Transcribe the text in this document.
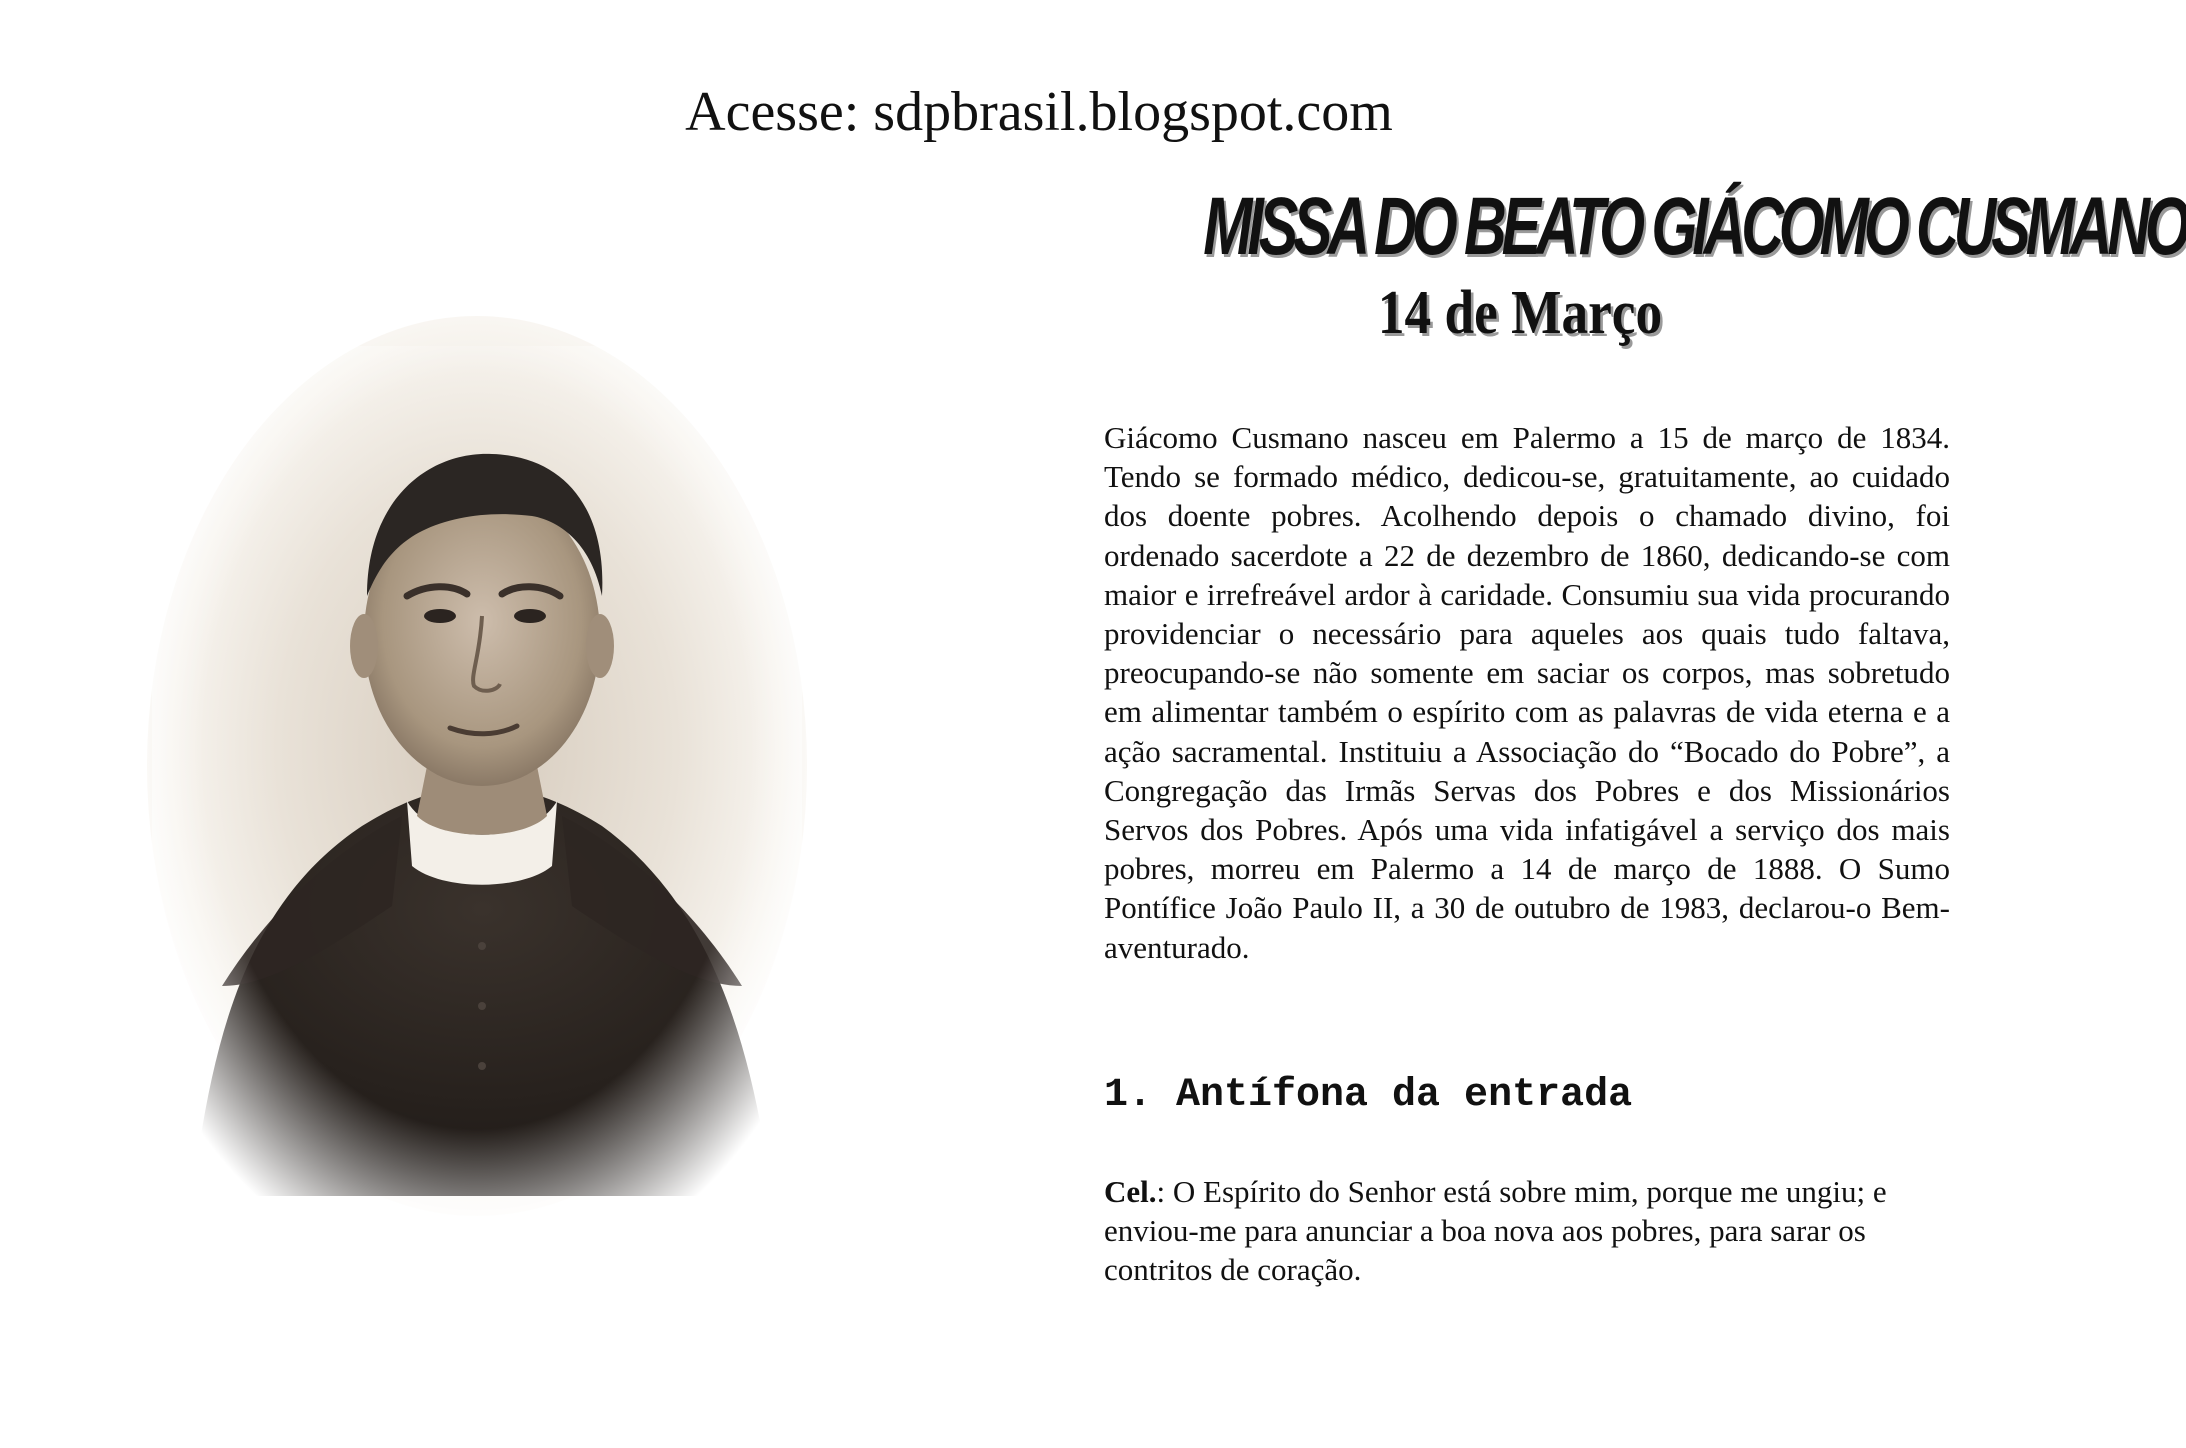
Acesse: sdpbrasil.blogspot.com
MISSA DO BEATO GIÁCOMO CUSMANO
14 de Março

Giácomo Cusmano nasceu em Palermo a 15 de março de 1834. Tendo se formado médico, dedicou-se, gratuitamente, ao cuidado dos doente pobres. Acolhendo depois o chamado divino, foi ordenado sacerdote a 22 de dezembro de 1860, dedicando-se com maior e irrefreável ardor à caridade. Consumiu sua vida procurando providenciar o necessário para aqueles aos quais tudo faltava, preocupando-se não somente em saciar os corpos, mas sobretudo em alimentar também o espírito com as palavras de vida eterna e a ação sacramental. Instituiu a Associação do “Bocado do Pobre”, a Congregação das Irmãs Servas dos Pobres e dos Missionários Servos dos Pobres. Após uma vida infatigável a serviço dos mais pobres, morreu em Palermo a 14 de março de 1888. O Sumo Pontífice João Paulo II, a 30 de outubro de 1983, declarou-o Bem-aventurado.

1. Antífona da entrada

Cel.: O Espírito do Senhor está sobre mim, porque me ungiu; e enviou-me para anunciar a boa nova aos pobres, para sarar os contritos de coração.
